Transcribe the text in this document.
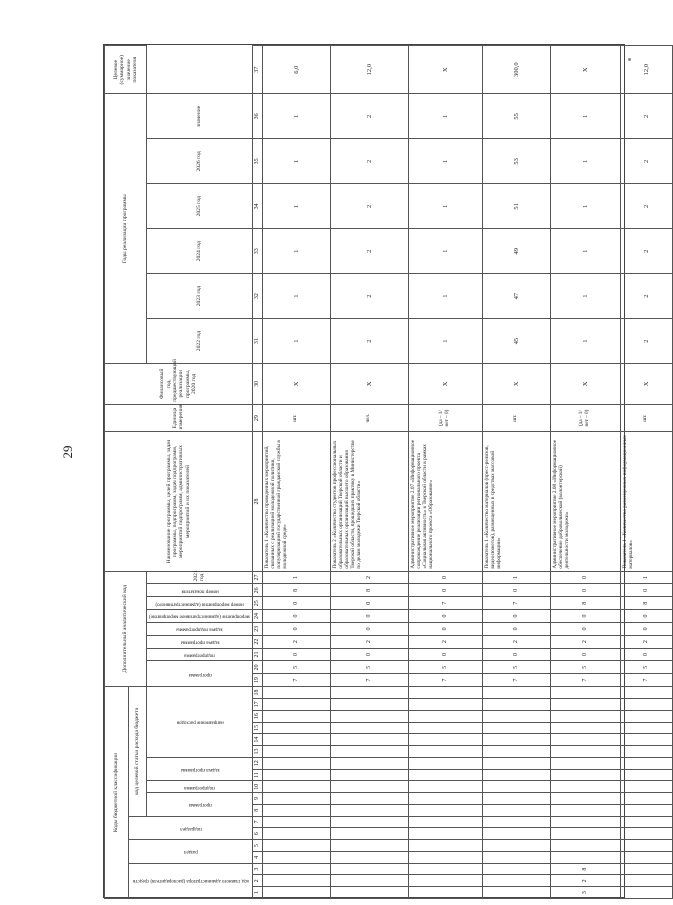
29
Коды бюджетной классификации																		Дополнительный аналитический код									Наименование программы, целей программы, задач программы, подпрограмм, задач подпрограмм, мероприятий подпрограмм, административных мероприятий и их показателей	Единица измерения	Финансовый год, предшествующий реализации программы, 2020 год	Годы реализации программы						Целевое (суммарное) значение показателя
код главного администратора (распорядителя) средств			раздел		подраздел		код целевой статьи расхода бюджета																													
							программа		подпрограмма	задача программы		направление расходов						программа		подпрограмма	задача программы	задача подпрограммы	мероприятие (административное мероприятие)	номер мероприятия (административного)	номер показателя	2021 год				2022 год	2023 год	2024 год	2025 год	2026 год	значение	
1	2	3	4	5	6	7	8	9	10	11	12	13	14	15	16	17	18	19	20	21	22	23	24	25	26	27	28	29	30	31	32	33	34	35	36	37
																		7	5	0	2	0	0	0	8	1	Показатель 1 «Количество проведенных мероприятий, связанных с реализацией молодежной политики, популяризацией государственной гражданской службы в молодежной среде»	шт.	Х	1	1	1	1	1	1	6,0
																		7	5	0	2	0	0	0	8	2	Показатель 2 «Количество студентов профессиональных образовательных организаций Тверской области и образовательных организаций высшего образования Тверской области, прошедших практику в Министерстве по делам молодежи Тверской области»	чел.	Х	2	2	2	2	2	2	12,0
																		7	5	0	2	0	0	7	0	0	Административное мероприятие 2.07 «Информационное сопровождение реализации регионального проекта «Социальная активность» в Тверской области в рамках национального проекта «Образование»	(да – 1/ нет – 0)	Х	1	1	1	1	1	1	Х
																		7	5	0	2	0	0	7	0	1	Показатель 1 «Количество материалов (пресс-релизов, видеосюжетов), размещенных в средствах массовой информации»	шт.	Х	45	47	49	51	53	55	300,0
3	2	8																7	5	0	2	0	0	8	0	0	Административное мероприятие 2.08 «Информационное обеспечение добровольческой (волонтерской) деятельности молодежи»	(да – 1/ нет – 0)	Х	1	1	1	1	1	1	Х
																		7	5	0	2	0	0	8	0	1	Показатель 1 «Количество размещенных информационных материалов»	шт.	Х	2	2	2	2	2	2	12,0
